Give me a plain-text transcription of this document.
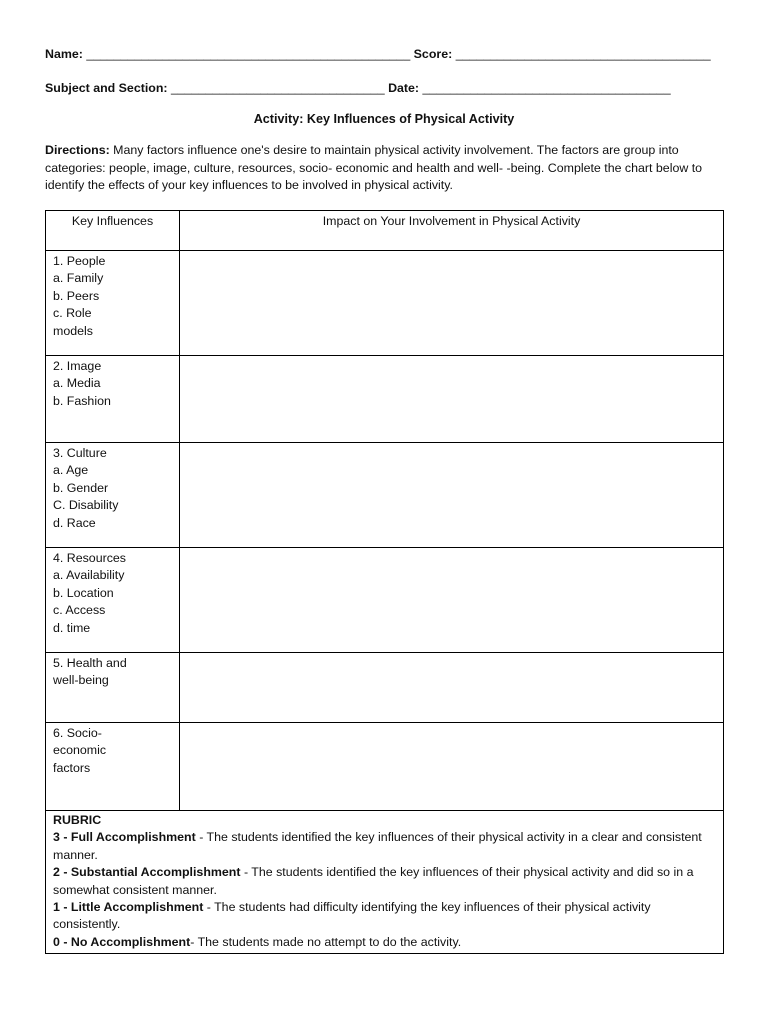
Name: _______________________________________________ Score: _____________________________________
Subject and Section: _______________________________ Date: ____________________________________
Activity: Key Influences of Physical Activity
Directions: Many factors influence one's desire to maintain physical activity involvement. The factors are group into categories: people, image, culture, resources, socio- economic and health and well- -being. Complete the chart below to identify the effects of your key influences to be involved in physical activity.
Key Influences	Impact on Your Involvement in Physical Activity

1. People
a. Family
b. Peers
c. Role
models	

2. Image
a. Media
b. Fashion	

3. Culture
a. Age
b. Gender
C. Disability
d. Race	

4. Resources
a. Availability
b. Location
c. Access
d. time	

5. Health and
well-being	

6. Socio-
economic
factors	

RUBRIC
3 - Full Accomplishment - The students identified the key influences of their physical activity in a clear and consistent manner.
2 - Substantial Accomplishment - The students identified the key influences of their physical activity and did so in a somewhat consistent manner.
1 - Little Accomplishment - The students had difficulty identifying the key influences of their physical activity consistently.
0 - No Accomplishment- The students made no attempt to do the activity.	
